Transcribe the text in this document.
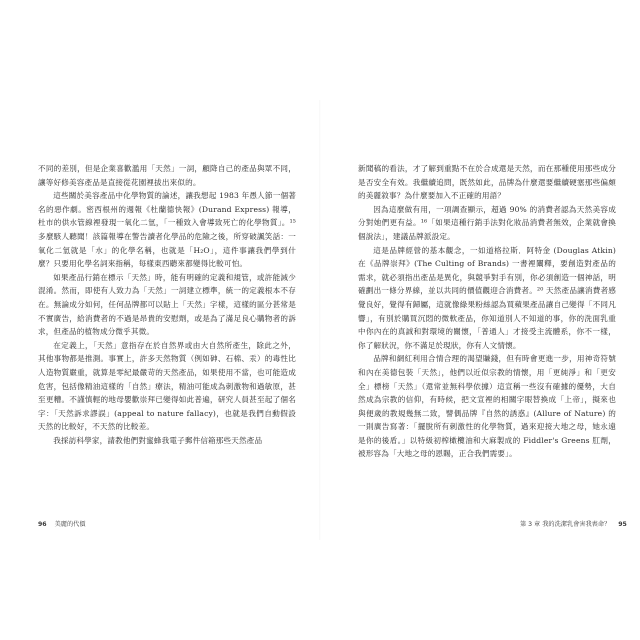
不同的差別，但是企業喜歡濫用「天然」一詞，顧降自己的產品與眾不同，讓等好修美容產品是直接從花園裡拔出來似的。

這些關於美容產品中化學物質的論述，讓我想起 1983 年愚人節一個著名的惡作劇。密西根州的週報《杜蘭德快報》(Durand Express) 報導，杜市的供水管線裡發現一氧化二氫，「一種致入會導致死亡的化學物質」。¹⁵ 多麼駭人聽聞！該篇報導在警告讀者化學品的危險之後，所穿破諷笑話：一氧化二氫就是「水」的化學名稱，也就是「H₂O」，這件事讓我們學到什麼？只要用化學名詞來指稱，每樣東西聽來都變得比較可怕。

如果產品行銷在標示「天然」時，能有明確的定義和規管，或許能減少混淆。然而，即使有人致力為「天然」一詞建立標準，統一的定義根本不存在。無論成分如何，任何品牌都可以貼上「天然」字樣，這樣的區分甚常是不實廣告，給消費者的不過是昂貴的安慰劑，或是為了滿足良心購物者的訴求，但產品的植物成分微乎其微。

在定義上，「天然」意指存在於自然界或由大自然所產生，除此之外，其他事物都是推測。事實上，許多天然物質（例如砷、石棉、汞）的毒性比人造物質嚴重，就算是零紀最嚴苛的天然產品，如果使用不當，也可能造成危害，包括像精油這樣的「自然」療法，精油可能成為刺激物和過敏原，甚至更糟。不謹慎輕的地母嬰歡崇拜已變得如此普遍，研究人員甚至起了個名字：「天然訴求謬誤」(appeal to nature fallacy)，也就是我們自動假設天然的比較好，不天然的比較差。

我採訪科學家，請教他們對蜜蜂我電子郵件信箱那些天然產品

新聞稿的看法，才了解到重點不在於合成還是天然，而在那種使用那些成分是否安全有效。我繼續追問，既然如此，品牌為什麼還要繼續硬塞那些偏頗的美麗敘事？為什麼要加入不正確的用語？

因為這麼做有用，一項調查顯示，超過 90% 的消費者認為天然美容成分對她們更有益。¹⁶「如果這種行銷手法對化妝品消費者無效，企業就會換個說法」，建議品牌派設定。

這是品牌經營的基本觀念，一如道格拉斯．阿特金 (Douglas Atkin) 在《品牌崇拜》(The Culting of Brands) 一書裡闡釋，要創造對產品的需求，就必須指出產品是異化，與競爭對手有別，你必須創造一個神話，明確劃出一條分界線，並以共同的價值觀迎合消費者。²⁰ 天然產品讓消費者感覺良好，覺得有歸屬，這就像綠果粉絲認為買蘋果產品讓自己變得「不同凡響」，有別於購買沉悶的微軟產品，你知道別人不知道的事，你的洗面乳重中你內在的真誠和對環境的關懷，「普通人」才接受主流體系，你不一樣，你了解狀況，你不滿足於現狀，你有人文情懷。

品牌和網紅利用合情合理的渴望賺錢，但有時會更進一步，用神奇符號和內在美德包裝「天然」，他們以近似宗教的情懷，用「更純淨」和「更安全」標榜「天然」（還常並無科學依據）這宣稱一些沒有確據的優勢，大自然成為宗教的信仰，有時候，把文宣裡的相關字眼替換成「上帝」，擬來也與便歲的教規幾無二致，譬偶品牌『自然的誘惑』(Allure of Nature) 的一則廣告寫著：「擺脫所有刺激性的化學物質，過來迎接大地之母，她永遠是你的後盾。」以特級初榨橄欖油和大麻製成的 Fiddler's Greens 肛劑，被形容為「大地之母的恩賜，正合我們需要」。

96 美麗的代價	第 3 章 我的洗潔乳會害我喪命？ 95
